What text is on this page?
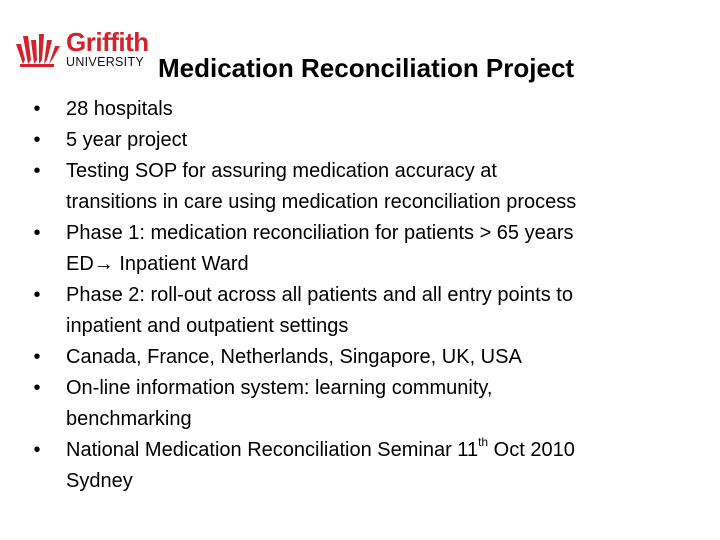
Griffith
UNIVERSITY Medication Reconciliation Project
• 28 hospitals
• 5 year project
• Testing SOP for assuring medication accuracy at
transitions in care using medication reconciliation process
• Phase 1: medication reconciliation for patients > 65 years
ED→ Inpatient Ward
• Phase 2: roll-out across all patients and all entry points to
inpatient and outpatient settings
• Canada, France, Netherlands, Singapore, UK, USA
• On-line information system: learning community,
benchmarking
• National Medication Reconciliation Seminar 11th Oct 2010
Sydney
